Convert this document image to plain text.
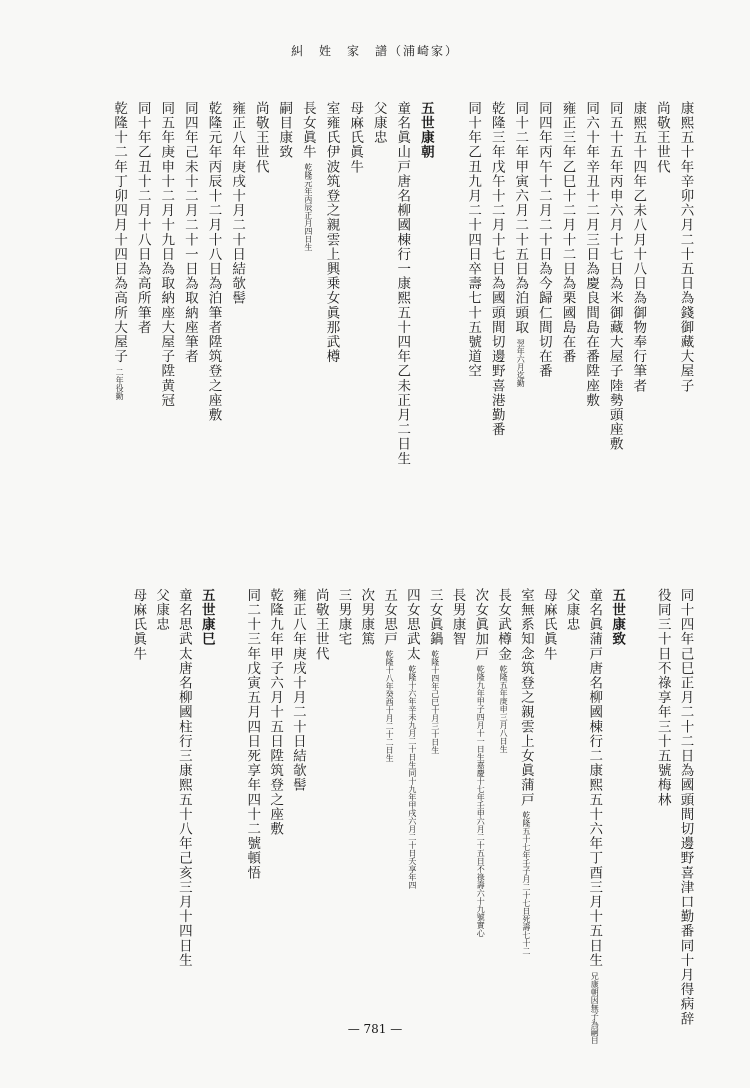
糾　姓　家　譜（浦崎家）
康熙五十年辛卯六月二十五日為錢御藏大屋子
尚敬王世代
康熙五十四年乙未八月十八日為御物奉行筆者
同五十五年丙申六月十七日為米御藏大屋子陸勢頭座敷
同六十年辛丑十二月三日為慶良間島在番陞座敷
雍正三年乙巳十二月十二日為栗國島在番
同四年丙午十二月二十日為今歸仁間切在番
同十二年甲寅六月二十五日為泊頭取翌年六月迄勤
乾隆三年戊午十二月十七日為國頭間切邊野喜港勤番
同十年乙丑九月二十四日卒壽七十五號道空
五世康朝
童名眞山戸唐名柳國棟行一康熙五十四年乙未正月二日生
父康忠
母麻氏眞牛
室雍氏伊波筑登之親雲上興乗女眞那武樽
長女眞牛乾隆元年丙辰正月四日生
嗣目康致
尚敬王世代
雍正八年庚戌十月二十日結欹髻
乾隆元年丙辰十二月十八日為泊筆者陞筑登之座敷
同四年己未十二月二十一日為取納座筆者
同五年庚申十二月十九日為取納座大屋子陞黄冠
同十年乙丑十二月十八日為高所筆者
乾隆十二年丁卯四月十四日為高所大屋子二年役勤
同十四年己巳正月二十二日為國頭間切邊野喜津口勤番同十月得病辞
役同三十日不祿享年三十五號梅林
五世康致
童名眞蒲戸唐名柳國棟行二康熙五十六年丁酉三月十五日生兄康朝因無子為嗣目
父康忠
母麻氏眞牛
室無系知念筑登之親雲上女眞蒲戸乾隆五十七年壬子月二十七日死壽七十二
長女武樽金乾隆五年庚申三月八日生
次女眞加戸乾隆九年甲子四月十一日生嘉慶十七年壬申六月二十五日不祿壽六十九號實心
長男康智
三女眞鍋乾隆十四年己巳十月三十日生
四女思武太乾隆十六年辛未九月二十日生同十九年甲戌六月二十日夭享年四
五女思戸乾隆十八年癸酉十月二十二日生
次男康篤
三男康宅
尚敬王世代
雍正八年庚戌十月二十日結欹髻
乾隆九年甲子六月十五日陞筑登之座敷
同二十三年戊寅五月四日死享年四十二號頓悟
五世康巳
童名思武太唐名柳國柱行三康熙五十八年己亥三月十四日生
父康忠
母麻氏眞牛
— 781 —
